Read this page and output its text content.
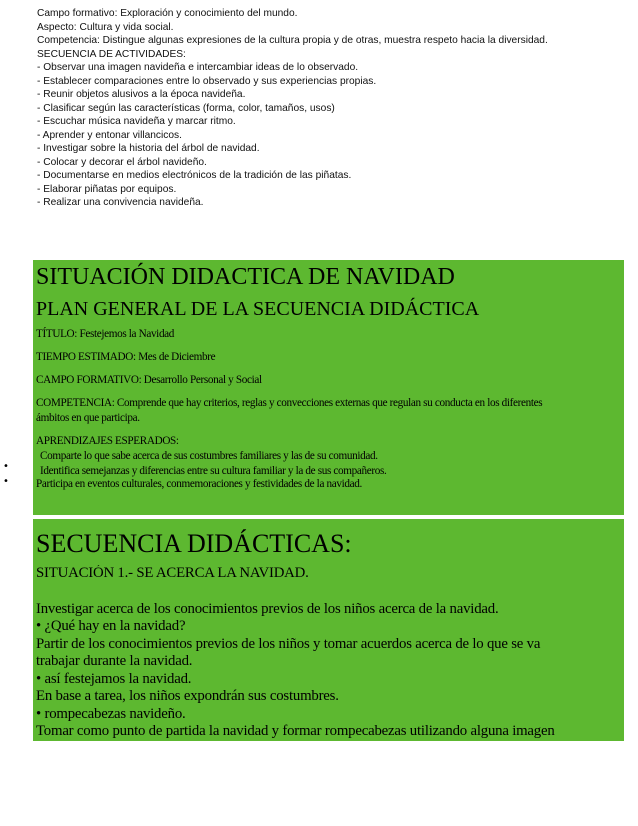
Campo formativo: Exploración y conocimiento del mundo.
Aspecto: Cultura y vida social.
Competencia: Distingue algunas expresiones de la cultura propia y de otras, muestra respeto hacia la diversidad.
SECUENCIA DE ACTIVIDADES:
- Observar una imagen navideña e intercambiar ideas de lo observado.
- Establecer comparaciones entre lo observado y sus experiencias propias.
- Reunir objetos alusivos a la época navideña.
- Clasificar según las características (forma, color, tamaños, usos)
- Escuchar música navideña y marcar ritmo.
- Aprender y entonar villancicos.
- Investigar sobre la historia del árbol de navidad.
- Colocar y decorar el árbol navideño.
- Documentarse en medios electrónicos de la tradición de las piñatas.
- Elaborar piñatas por equipos.
- Realizar una convivencia navideña.
SITUACIÓN DIDACTICA DE NAVIDAD
PLAN GENERAL DE LA SECUENCIA DIDÁCTICA
TÍTULO: Festejemos la Navidad
TIEMPO ESTIMADO: Mes de Diciembre
CAMPO FORMATIVO: Desarrollo Personal y Social
COMPETENCIA: Comprende que hay criterios, reglas y convecciones externas que regulan su conducta en los diferentes
ámbitos en que participa.
APRENDIZAJES ESPERADOS:
Comparte lo que sabe acerca de sus costumbres familiares y las de su comunidad.
Identifica semejanzas y diferencias entre su cultura familiar y la de sus compañeros.
Participa en eventos culturales, conmemoraciones y festividades de la navidad.
•
•
SECUENCIA DIDÁCTICAS:
SITUACIÓN 1.- SE ACERCA LA NAVIDAD.
Investigar acerca de los conocimientos previos de los niños acerca de la navidad.
• ¿Qué hay en la navidad?
Partir de los conocimientos previos de los niños y tomar acuerdos acerca de lo que se va
trabajar durante la navidad.
• así festejamos la navidad.
En base a tarea, los niños expondrán sus costumbres.
• rompecabezas navideño.
Tomar como punto de partida la navidad y formar rompecabezas utilizando alguna imagen
